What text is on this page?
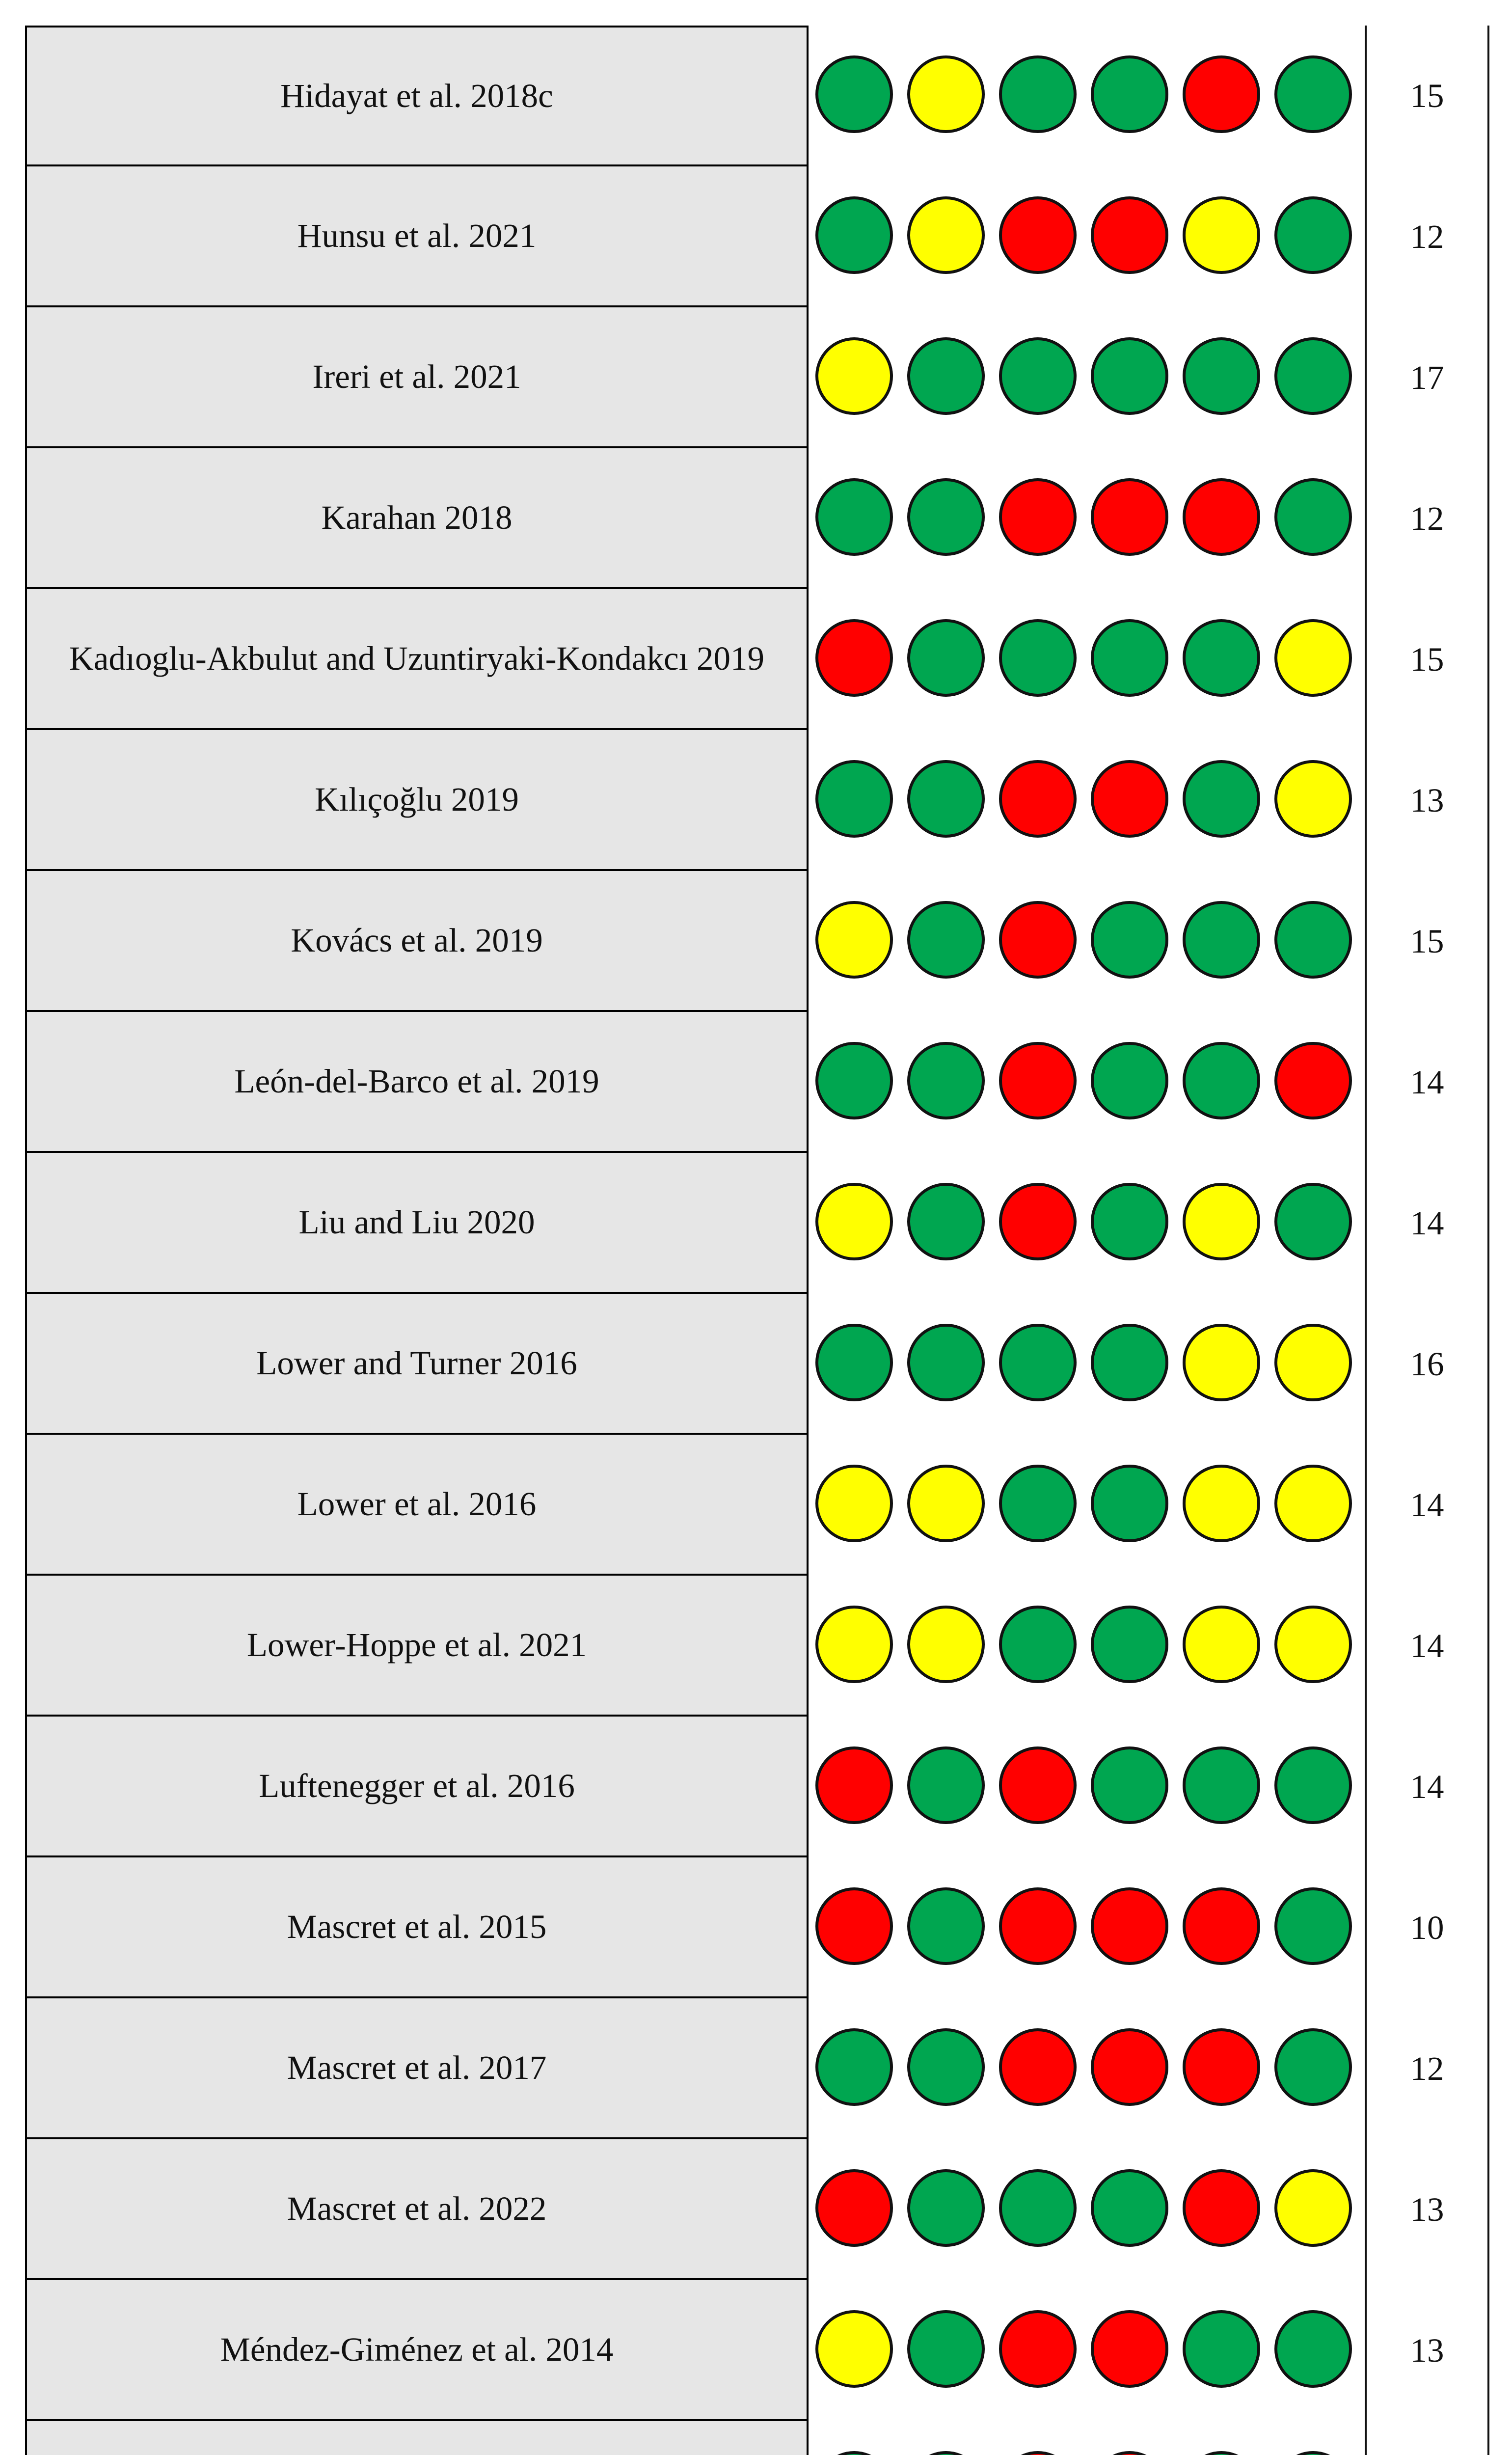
Hidayat et al. 2018c	15
Hunsu et al. 2021	12
Ireri et al. 2021	17
Karahan 2018	12
Kadıoglu-Akbulut and Uzuntiryaki-Kondakcı 2019	15
Kılıçoğlu 2019	13
Kovács et al. 2019	15
León-del-Barco et al. 2019	14
Liu and Liu 2020	14
Lower and Turner 2016	16
Lower et al. 2016	14
Lower-Hoppe et al. 2021	14
Luftenegger et al. 2016	14
Mascret et al. 2015	10
Mascret et al. 2017	12
Mascret et al. 2022	13
Méndez-Giménez et al. 2014	13
